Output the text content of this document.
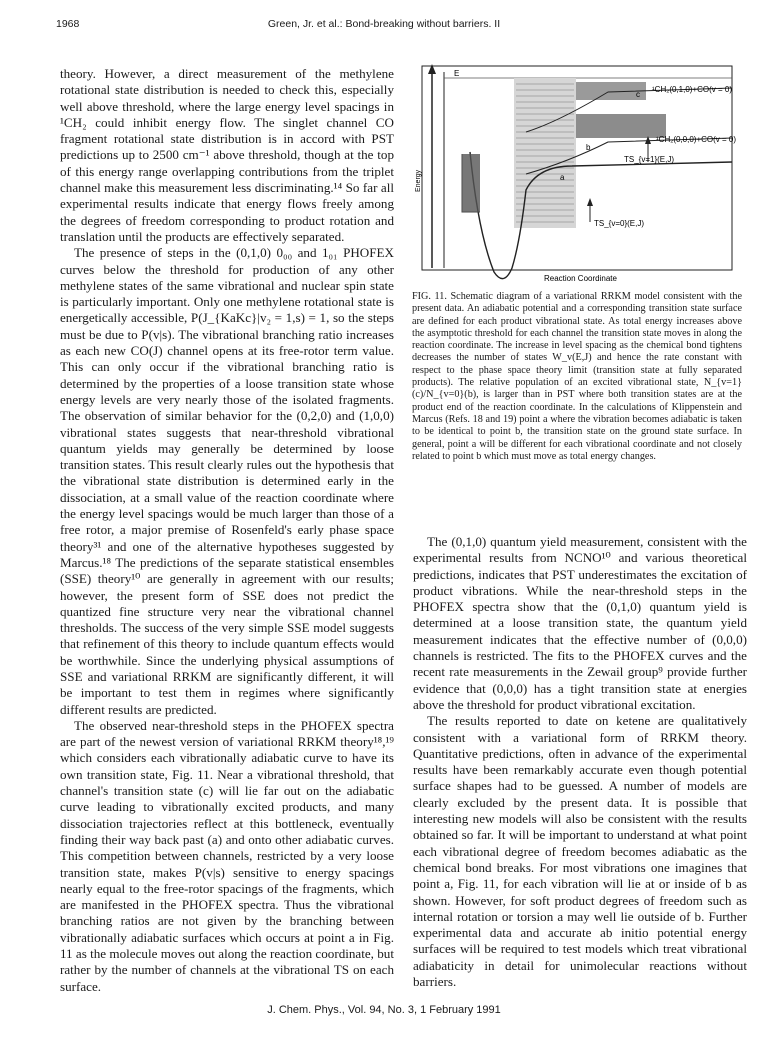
1968	Green, Jr. et al.: Bond-breaking without barriers. II

theory. However, a direct measurement of the methylene rotational state distribution is needed to check this, especially well above threshold, where the large energy level spacings in ¹CH₂ could inhibit energy flow. The singlet channel CO fragment rotational state distribution is in accord with PST predictions up to 2500 cm⁻¹ above threshold, though at the top of this energy range overlapping contributions from the triplet channel make this measurement less discriminating.¹⁴ So far all experimental results indicate that energy flows freely among the degrees of freedom corresponding to product rotation and translation until the products are effectively separated.

The presence of steps in the (0,1,0) 0₀₀ and 1₀₁ PHOFEX curves below the threshold for production of any other methylene states of the same vibrational and nuclear spin state is particularly important. Only one methylene rotational state is energetically accessible, P(J_{KaKc}|v₂ = 1,s) = 1, so the steps must be due to P(v|s). The vibrational branching ratio increases as each new CO(J) channel opens at its free-rotor term value. This can only occur if the vibrational branching ratio is determined by the properties of a loose transition state whose energy levels are very nearly those of the isolated fragments. The observation of similar behavior for the (0,2,0) and (1,0,0) vibrational states suggests that near-threshold vibrational quantum yields may generally be determined by loose transition states. This result clearly rules out the hypothesis that the vibrational state distribution is determined early in the dissociation, at a small value of the reaction coordinate where the energy level spacings would be much larger than those of a free rotor, a major premise of Rosenfeld's early phase space theory³¹ and one of the alternative hypotheses suggested by Marcus.¹⁸ The predictions of the separate statistical ensembles (SSE) theory¹⁰ are generally in agreement with our results; however, the present form of SSE does not predict the quantized fine structure very near the vibrational channel thresholds. The success of the very simple SSE model suggests that refinement of this theory to include quantum effects would be worthwhile. Since the underlying physical assumptions of SSE and variational RRKM are significantly different, it will be important to test them in regimes where significantly different results are predicted.

The observed near-threshold steps in the PHOFEX spectra are part of the newest version of variational RRKM theory¹⁸,¹⁹ which considers each vibrationally adiabatic curve to have its own transition state, Fig. 11. Near a vibrational threshold, that channel's transition state (c) will lie far out on the adiabatic curve leading to vibrationally excited products, and many dissociation trajectories reflect at this bottleneck, eventually finding their way back past (a) and onto other adiabatic curves. This competition between channels, restricted by a very loose transition state, makes P(v|s) sensitive to energy spacings nearly equal to the free-rotor spacings of the fragments, which are manifested in the PHOFEX spectra. Thus the vibrational branching ratios are not given by the branching between vibrationally adiabatic surfaces which occurs at point a in Fig. 11 as the molecule moves out along the reaction coordinate, but rather by the number of channels at the vibrational TS on each surface.

E
b
a
c
¹CH₂(0,1,0)+CO(v = 0)
¹CH₂(0,0,0)+CO(v = 0)
TS_{v=1}(E,J)
TS_{v=0}(E,J)
Energy
Reaction Coordinate
FIG. 11. Schematic diagram of a variational RRKM model consistent with the present data. An adiabatic potential and a corresponding transition state surface are defined for each product vibrational state. As total energy increases above the asymptotic threshold for each channel the transition state moves in along the reaction coordinate. The increase in level spacing as the chemical bond tightens decreases the number of states W_v(E,J) and hence the rate constant with respect to the phase space theory limit (transition state at fully separated products). The relative population of an excited vibrational state, N_{v=1}(c)/N_{v=0}(b), is larger than in PST where both transition states are at the product end of the reaction coordinate. In the calculations of Klippenstein and Marcus (Refs. 18 and 19) point a where the vibration becomes adiabatic is taken to be identical to point b, the transition state on the ground state surface. In general, point a will be different for each vibrational coordinate and not closely related to point b which must move as total energy changes.

The (0,1,0) quantum yield measurement, consistent with the experimental results from NCNO¹⁰ and various theoretical predictions, indicates that PST underestimates the excitation of product vibrations. While the near-threshold steps in the PHOFEX spectra show that the (0,1,0) quantum yield is determined at a loose transition state, the quantum yield measurement indicates that the effective number of (0,0,0) channels is restricted. The fits to the PHOFEX curves and the recent rate measurements in the Zewail group⁹ provide further evidence that (0,0,0) has a tight transition state at energies above the threshold for product vibrational excitation.

The results reported to date on ketene are qualitatively consistent with a variational form of RRKM theory. Quantitative predictions, often in advance of the experimental results have been remarkably accurate even though potential surface shapes had to be guessed. A number of models are clearly excluded by the present data. It is possible that interesting new models will also be consistent with the results obtained so far. It will be important to understand at what point each vibrational degree of freedom becomes adiabatic as the chemical bond breaks. For most vibrations one imagines that point a, Fig. 11, for each vibration will lie at or inside of b as shown. However, for soft product degrees of freedom such as internal rotation or torsion a may well lie outside of b. Further experimental data and accurate ab initio potential energy surfaces will be required to test models which treat vibrational adiabaticity in detail for unimolecular reactions without barriers.

J. Chem. Phys., Vol. 94, No. 3, 1 February 1991
